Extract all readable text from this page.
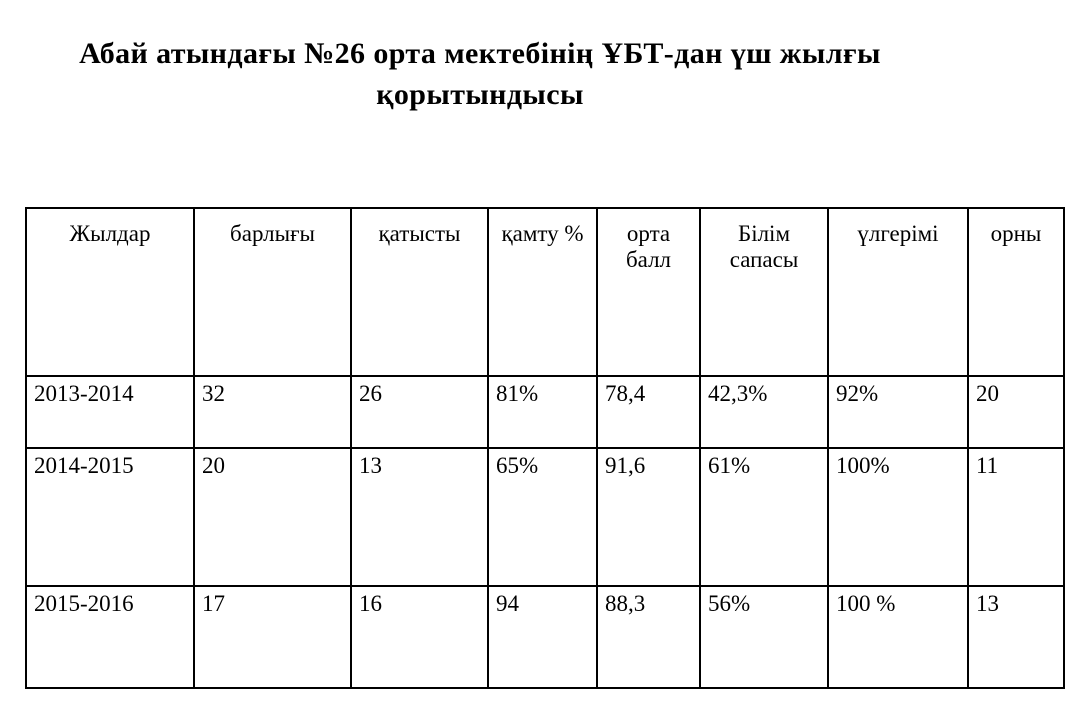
Абай атындағы №26 орта мектебінің ҰБТ-дан үш жылғы қорытындысы
Жылдар	барлығы	қатысты	қамту %	орта балл	Білім сапасы	үлгерімі	орны
2013-2014	32	26	81%	78,4	42,3%	92%	20
2014-2015	20	13	65%	91,6	61%	100%	11
2015-2016	17	16	94	88,3	56%	100 %	13
